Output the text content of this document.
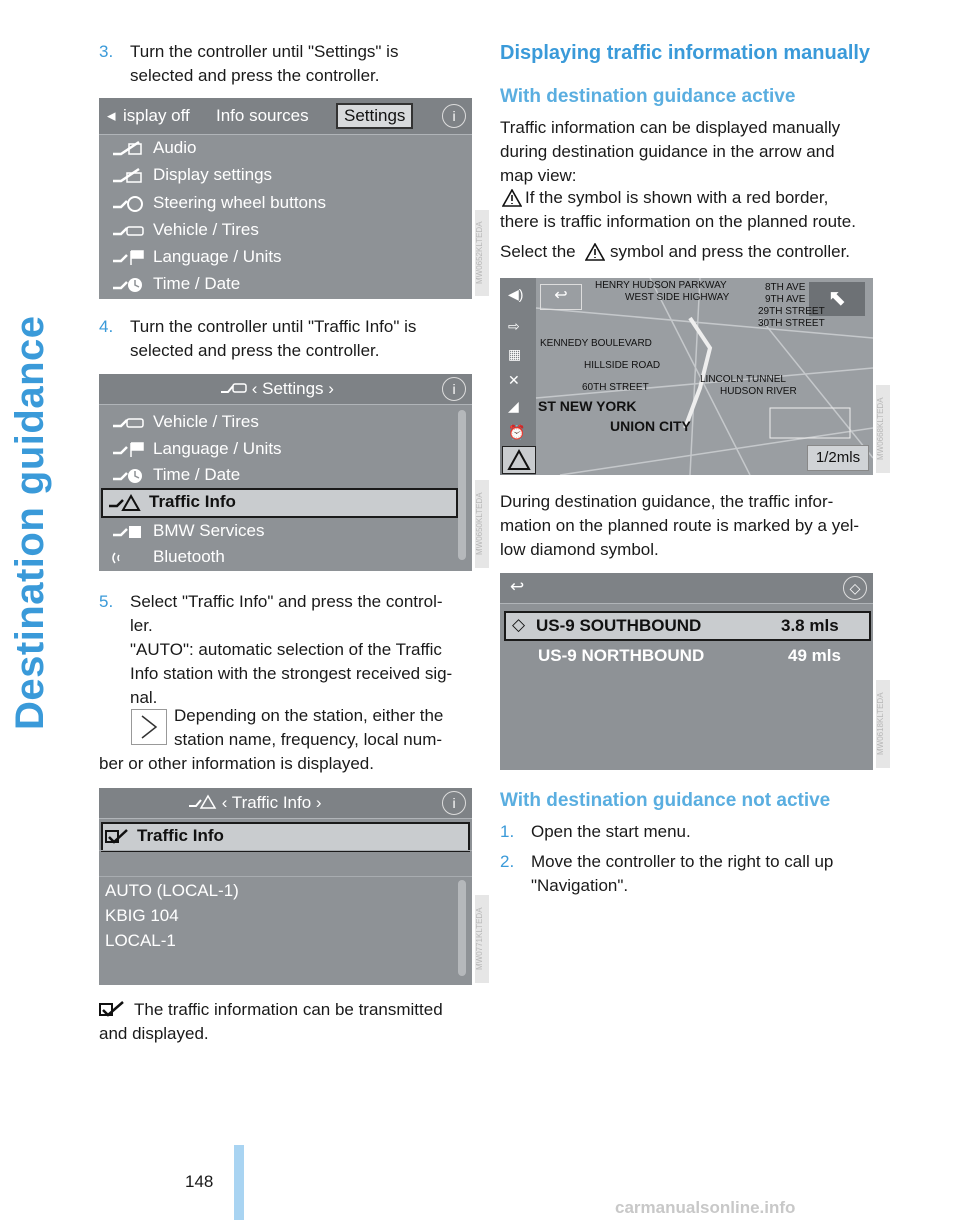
Destination guidance
3. Turn the controller until "Settings" is
selected and press the controller.
◂ isplay off Info sources	Settings	i
Audio
Display settings
Steering wheel buttons
Vehicle / Tires
Language / Units
Time / Date	MW0652KLTEDA
4. Turn the controller until "Traffic Info" is
selected and press the controller.
‹ Settings ›	i
Vehicle / Tires
Language / Units
Time / Date
Traffic Info
BMW Services
Bluetooth
MW0650KLTEDA
5. Select "Traffic Info" and press the control-
ler.
"AUTO": automatic selection of the Traffic
Info station with the strongest received sig-
nal.
Depending on the station, either the
station name, frequency, local num-
ber or other information is displayed.
‹ Traffic Info ›	i
Traffic Info
AUTO (LOCAL-1)
KBIG 104
LOCAL-1	MW0771KLTEDA
The traffic information can be transmitted
and displayed.
Displaying traffic information manually
With destination guidance active
Traffic information can be displayed manually
during destination guidance in the arrow and
map view:
If the symbol is shown with a red border,
there is traffic information on the planned route.
Select the symbol and press the controller.
↩	⬉
◀)
⇨
▦
✕
◢
⏰
HENRY HUDSON PARKWAY
WEST SIDE HIGHWAY
KENNEDY BOULEVARD
HILLSIDE ROAD
60TH STREET
ST NEW YORK
UNION CITY
LINCOLN TUNNEL
HUDSON RIVER
8TH AVE
9TH AVE
29TH STREET
30TH STREET
1/2mls	MW0668KLTEDA
During destination guidance, the traffic infor-
mation on the planned route is marked by a yel-
low diamond symbol.
↩	◇
◇ US-9 SOUTHBOUND	3.8 mls
US-9 NORTHBOUND	49 mls
MW0618KLTEDA
With destination guidance not active
1. Open the start menu.
2. Move the controller to the right to call up
"Navigation".
148
carmanualsonline.info
